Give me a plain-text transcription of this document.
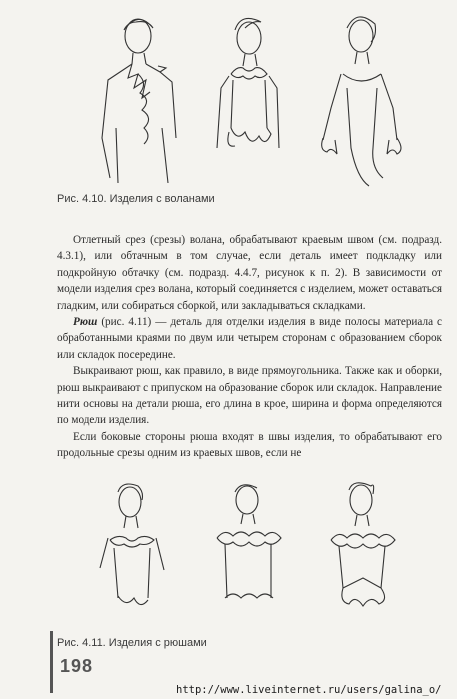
Рис. 4.10. Изделия с воланами

Отлетный срез (срезы) волана, обрабатывают краевым швом (см. подразд. 4.3.1), или обтачным в том случае, если деталь имеет подкладку или подкройную обтачку (см. подразд. 4.4.7, рисунок к п. 2). В зависимости от модели изделия срез волана, который соединяется с изделием, может оставаться гладким, или собираться сборкой, или закладываться складками.

Рюш (рис. 4.11) — деталь для отделки изделия в виде полосы материала с обработанными краями по двум или четырем сторонам с образованием сборок или складок посередине.

Выкраивают рюш, как правило, в виде прямоугольника. Также как и оборки, рюш выкраивают с припуском на образование сборок или складок. Направление нити основы на детали рюша, его длина в крое, ширина и форма определяются по модели изделия.

Если боковые стороны рюша входят в швы изделия, то обрабатывают его продольные срезы одним из краевых швов, если не

Рис. 4.11. Изделия с рюшами
198
http://www.liveinternet.ru/users/galina_o/
